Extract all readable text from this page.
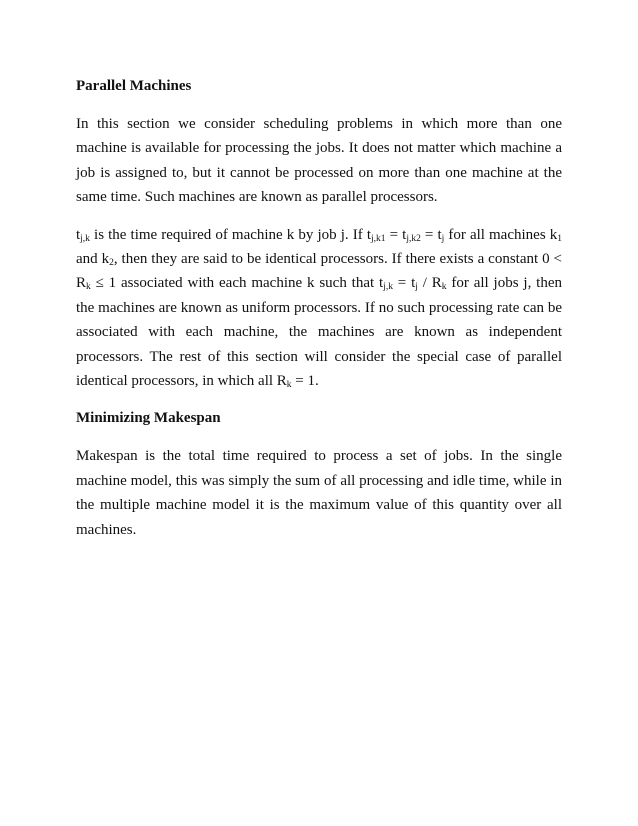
Parallel Machines

In this section we consider scheduling problems in which more than one machine is available for processing the jobs. It does not matter which machine a job is assigned to, but it cannot be processed on more than one machine at the same time. Such machines are known as parallel processors.

$t_{j,k}$ is the time required of machine k by job j. If $t_{j,k1} = t_{j,k2} = t_j$ for all machines $k_1$ and $k_2$, then they are said to be identical processors. If there exists a constant $0 < R_k \le 1$ associated with each machine k such that $t_{j,k} = t_j / R_k$ for all jobs j, then the machines are known as uniform processors. If no such processing rate can be associated with each machine, the machines are known as independent processors. The rest of this section will consider the special case of parallel identical processors, in which all $R_k = 1$.

Minimizing Makespan

Makespan is the total time required to process a set of jobs. In the single machine model, this was simply the sum of all processing and idle time, while in the multiple machine model it is the maximum value of this quantity over all machines.
